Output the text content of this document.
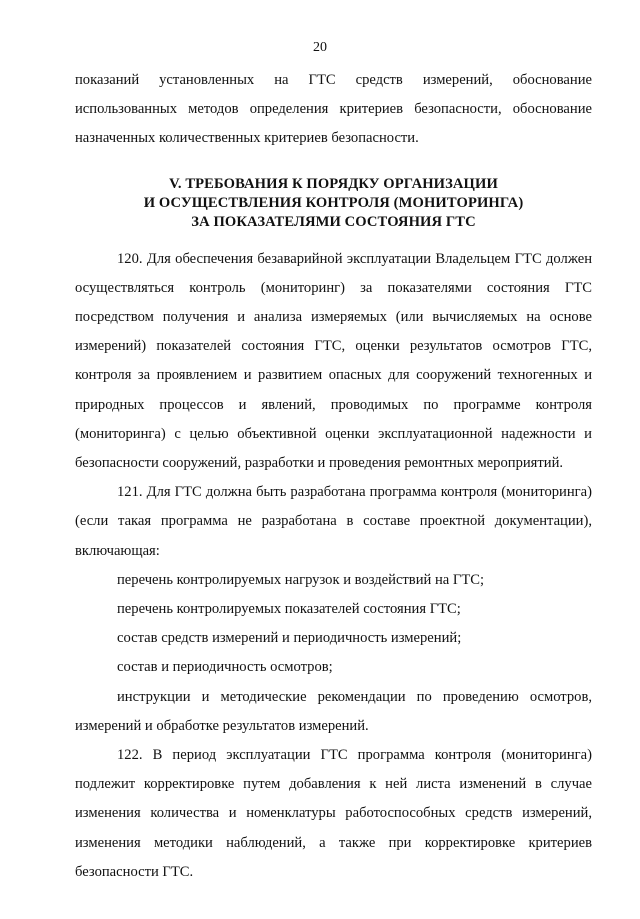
20

показаний установленных на ГТС средств измерений, обоснование использованных методов определения критериев безопасности, обоснование назначенных количественных критериев безопасности.

V. ТРЕБОВАНИЯ К ПОРЯДКУ ОРГАНИЗАЦИИ
И ОСУЩЕСТВЛЕНИЯ КОНТРОЛЯ (МОНИТОРИНГА)
ЗА ПОКАЗАТЕЛЯМИ СОСТОЯНИЯ ГТС

120. Для обеспечения безаварийной эксплуатации Владельцем ГТС должен осуществляться контроль (мониторинг) за показателями состояния ГТС посредством получения и анализа измеряемых (или вычисляемых на основе измерений) показателей состояния ГТС, оценки результатов осмотров ГТС, контроля за проявлением и развитием опасных для сооружений техногенных и природных процессов и явлений, проводимых по программе контроля (мониторинга) с целью объективной оценки эксплуатационной надежности и безопасности сооружений, разработки и проведения ремонтных мероприятий.

121. Для ГТС должна быть разработана программа контроля (мониторинга) (если такая программа не разработана в составе проектной документации), включающая:

перечень контролируемых нагрузок и воздействий на ГТС;

перечень контролируемых показателей состояния ГТС;

состав средств измерений и периодичность измерений;

состав и периодичность осмотров;

инструкции и методические рекомендации по проведению осмотров, измерений и обработке результатов измерений.

122. В период эксплуатации ГТС программа контроля (мониторинга) подлежит корректировке путем добавления к ней листа изменений в случае изменения количества и номенклатуры работоспособных средств измерений, изменения методики наблюдений, а также при корректировке критериев безопасности ГТС.
